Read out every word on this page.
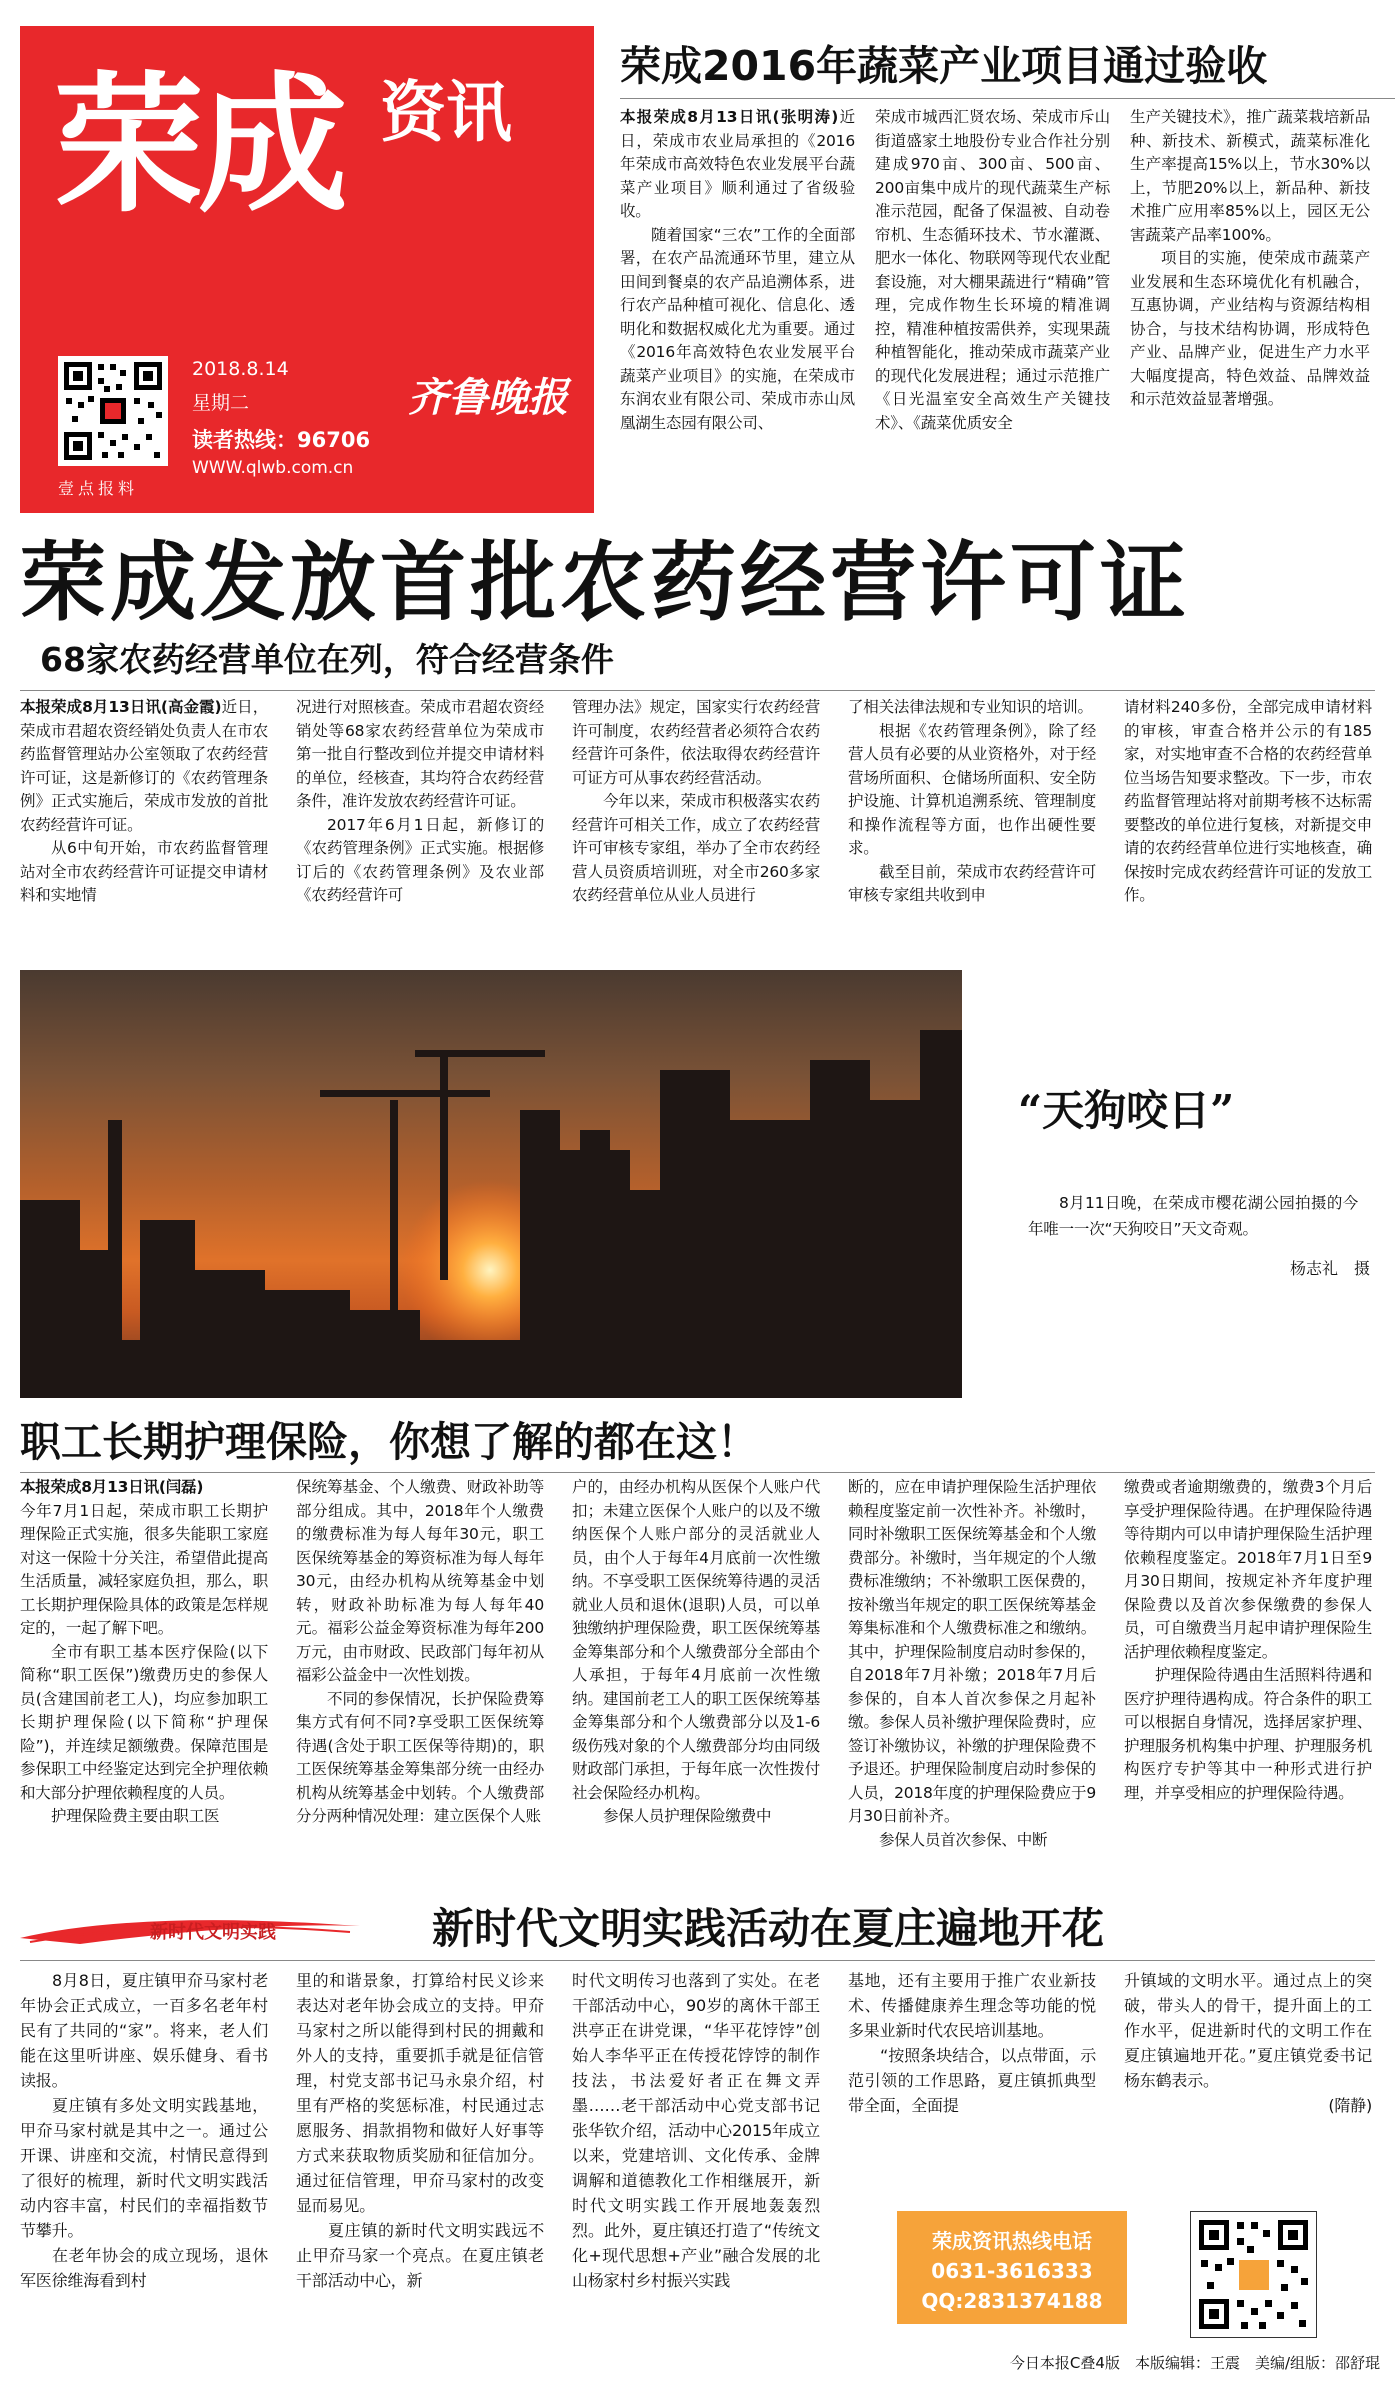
荣成 资讯
2018.8.14
星期二
读者热线：96706
WWW.qlwb.com.cn
齐鲁晚报
壹点报料
荣成2016年蔬菜产业项目通过验收

本报荣成8月13日讯(张明涛)近日，荣成市农业局承担的《2016年荣成市高效特色农业发展平台蔬菜产业项目》顺利通过了省级验收。

随着国家“三农”工作的全面部署，在农产品流通环节里，建立从田间到餐桌的农产品追溯体系，进行农产品种植可视化、信息化、透明化和数据权威化尤为重要。通过《2016年高效特色农业发展平台蔬菜产业项目》的实施，在荣成市东润农业有限公司、荣成市赤山凤凰湖生态园有限公司、

荣成市城西汇贤农场、荣成市斥山街道盛家土地股份专业合作社分别建成970亩、300亩、500亩、200亩集中成片的现代蔬菜生产标准示范园，配备了保温被、自动卷帘机、生态循环技术、节水灌溉、肥水一体化、物联网等现代农业配套设施，对大棚果蔬进行“精确”管理，完成作物生长环境的精准调控，精准种植按需供养，实现果蔬种植智能化，推动荣成市蔬菜产业的现代化发展进程；通过示范推广《日光温室安全高效生产关键技术》、《蔬菜优质安全

生产关键技术》，推广蔬菜栽培新品种、新技术、新模式，蔬菜标准化生产率提高15%以上，节水30%以上，节肥20%以上，新品种、新技术推广应用率85%以上，园区无公害蔬菜产品率100%。

项目的实施，使荣成市蔬菜产业发展和生态环境优化有机融合，互惠协调，产业结构与资源结构相协合，与技术结构协调，形成特色产业、品牌产业，促进生产力水平大幅度提高，特色效益、品牌效益和示范效益显著增强。

荣成发放首批农药经营许可证
68家农药经营单位在列，符合经营条件

本报荣成8月13日讯(高金霞)近日，荣成市君超农资经销处负责人在市农药监督管理站办公室领取了农药经营许可证，这是新修订的《农药管理条例》正式实施后，荣成市发放的首批农药经营许可证。

从6中旬开始，市农药监督管理站对全市农药经营许可证提交申请材料和实地情

况进行对照核查。荣成市君超农资经销处等68家农药经营单位为荣成市第一批自行整改到位并提交申请材料的单位，经核查，其均符合农药经营条件，准许发放农药经营许可证。

2017年6月1日起，新修订的《农药管理条例》正式实施。根据修订后的《农药管理条例》及农业部《农药经营许可

管理办法》规定，国家实行农药经营许可制度，农药经营者必须符合农药经营许可条件，依法取得农药经营许可证方可从事农药经营活动。

今年以来，荣成市积极落实农药经营许可相关工作，成立了农药经营许可审核专家组，举办了全市农药经营人员资质培训班，对全市260多家农药经营单位从业人员进行

了相关法律法规和专业知识的培训。

根据《农药管理条例》，除了经营人员有必要的从业资格外，对于经营场所面积、仓储场所面积、安全防护设施、计算机追溯系统、管理制度和操作流程等方面，也作出硬性要求。

截至目前，荣成市农药经营许可审核专家组共收到申

请材料240多份，全部完成申请材料的审核，审查合格并公示的有185家，对实地审查不合格的农药经营单位当场告知要求整改。下一步，市农药监督管理站将对前期考核不达标需要整改的单位进行复核，对新提交申请的农药经营单位进行实地核查，确保按时完成农药经营许可证的发放工作。

“天狗咬日”

8月11日晚，在荣成市樱花湖公园拍摄的今年唯一一次“天狗咬日”天文奇观。

杨志礼　摄
职工长期护理保险，你想了解的都在这！

本报荣成8月13日讯(闫磊)

今年7月1日起，荣成市职工长期护理保险正式实施，很多失能职工家庭对这一保险十分关注，希望借此提高生活质量，减轻家庭负担，那么，职工长期护理保险具体的政策是怎样规定的，一起了解下吧。

全市有职工基本医疗保险(以下简称“职工医保”)缴费历史的参保人员(含建国前老工人)，均应参加职工长期护理保险(以下简称“护理保险”)，并连续足额缴费。保障范围是参保职工中经鉴定达到完全护理依赖和大部分护理依赖程度的人员。

护理保险费主要由职工医

保统筹基金、个人缴费、财政补助等部分组成。其中，2018年个人缴费的缴费标准为每人每年30元，职工医保统筹基金的筹资标准为每人每年30元，由经办机构从统筹基金中划转，财政补助标准为每人每年40元。福彩公益金筹资标准为每年200万元，由市财政、民政部门每年初从福彩公益金中一次性划拨。

不同的参保情况，长护保险费筹集方式有何不同?享受职工医保统筹待遇(含处于职工医保等待期)的，职工医保统筹基金筹集部分统一由经办机构从统筹基金中划转。个人缴费部分分两种情况处理：建立医保个人账

户的，由经办机构从医保个人账户代扣；未建立医保个人账户的以及不缴纳医保个人账户部分的灵活就业人员，由个人于每年4月底前一次性缴纳。不享受职工医保统筹待遇的灵活就业人员和退休(退职)人员，可以单独缴纳护理保险费，职工医保统筹基金筹集部分和个人缴费部分全部由个人承担，于每年4月底前一次性缴纳。建国前老工人的职工医保统筹基金筹集部分和个人缴费部分以及1-6级伤残对象的个人缴费部分均由同级财政部门承担，于每年底一次性拨付社会保险经办机构。

参保人员护理保险缴费中

断的，应在申请护理保险生活护理依赖程度鉴定前一次性补齐。补缴时，同时补缴职工医保统筹基金和个人缴费部分。补缴时，当年规定的个人缴费标准缴纳；不补缴职工医保费的，按补缴当年规定的职工医保统筹基金筹集标准和个人缴费标准之和缴纳。其中，护理保险制度启动时参保的，自2018年7月补缴；2018年7月后参保的，自本人首次参保之月起补缴。参保人员补缴护理保险费时，应签订补缴协议，补缴的护理保险费不予退还。护理保险制度启动时参保的人员，2018年度的护理保险费应于9月30日前补齐。

参保人员首次参保、中断

缴费或者逾期缴费的，缴费3个月后享受护理保险待遇。在护理保险待遇等待期内可以申请护理保险生活护理依赖程度鉴定。2018年7月1日至9月30日期间，按规定补齐年度护理保险费以及首次参保缴费的参保人员，可自缴费当月起申请护理保险生活护理依赖程度鉴定。

护理保险待遇由生活照料待遇和医疗护理待遇构成。符合条件的职工可以根据自身情况，选择居家护理、护理服务机构集中护理、护理服务机构医疗专护等其中一种形式进行护理，并享受相应的护理保险待遇。

新时代文明实践	新时代文明实践活动在夏庄遍地开花

8月8日，夏庄镇甲夼马家村老年协会正式成立，一百多名老年村民有了共同的“家”。将来，老人们能在这里听讲座、娱乐健身、看书读报。

夏庄镇有多处文明实践基地，甲夼马家村就是其中之一。通过公开课、讲座和交流，村情民意得到了很好的梳理，新时代文明实践活动内容丰富，村民们的幸福指数节节攀升。

在老年协会的成立现场，退休军医徐维海看到村

里的和谐景象，打算给村民义诊来表达对老年协会成立的支持。甲夼马家村之所以能得到村民的拥戴和外人的支持，重要抓手就是征信管理，村党支部书记马永泉介绍，村里有严格的奖惩标准，村民通过志愿服务、捐款捐物和做好人好事等方式来获取物质奖励和征信加分。通过征信管理，甲夼马家村的改变显而易见。

夏庄镇的新时代文明实践远不止甲夼马家一个亮点。在夏庄镇老干部活动中心，新

时代文明传习也落到了实处。在老干部活动中心，90岁的离休干部王洪亭正在讲党课，“华平花饽饽”创始人李华平正在传授花饽饽的制作技法，书法爱好者正在舞文弄墨……老干部活动中心党支部书记张华钦介绍，活动中心2015年成立以来，党建培训、文化传承、金牌调解和道德教化工作相继展开，新时代文明实践工作开展地轰轰烈烈。此外，夏庄镇还打造了“传统文化+现代思想+产业”融合发展的北山杨家村乡村振兴实践

基地，还有主要用于推广农业新技术、传播健康养生理念等功能的悦多果业新时代农民培训基地。

“按照条块结合，以点带面，示范引领的工作思路，夏庄镇抓典型带全面，全面提

升镇域的文明水平。通过点上的突破，带头人的骨干，提升面上的工作水平，促进新时代的文明工作在夏庄镇遍地开花。”夏庄镇党委书记杨东鹤表示。

(隋静)

荣成资讯热线电话
0631-3616333
QQ:2831374188
今日本报C叠4版　本版编辑：王震　美编/组版：邵舒琨
